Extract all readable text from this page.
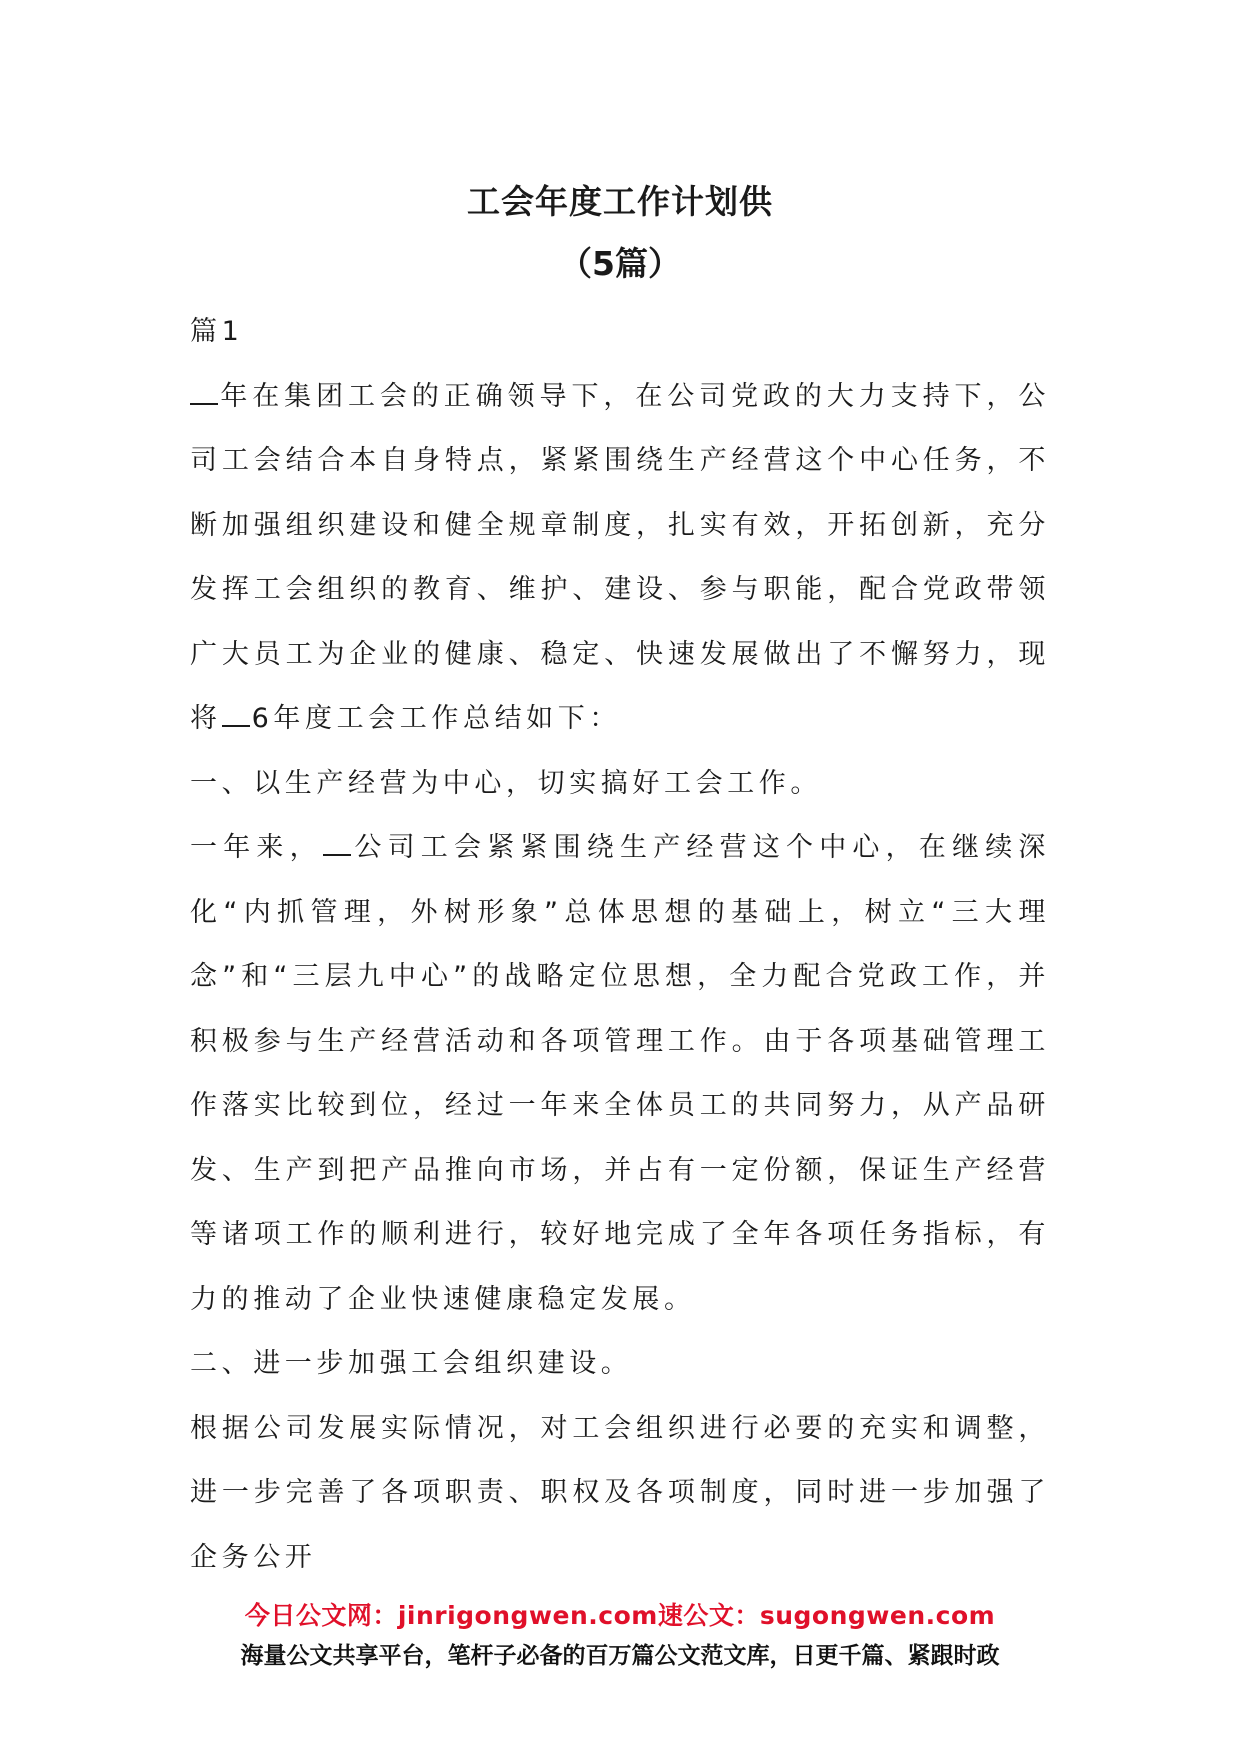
工会年度工作计划供
（5篇）

篇1

年在集团工会的正确领导下，在公司党政的大力支持下，公司工会结合本自身特点，紧紧围绕生产经营这个中心任务，不断加强组织建设和健全规章制度，扎实有效，开拓创新，充分发挥工会组织的教育、维护、建设、参与职能，配合党政带领广大员工为企业的健康、稳定、快速发展做出了不懈努力，现将 6年度工会工作总结如下：

一、以生产经营为中心，切实搞好工会工作。

一年来， 公司工会紧紧围绕生产经营这个中心，在继续深化“内抓管理，外树形象”总体思想的基础上，树立“三大理念”和“三层九中心”的战略定位思想，全力配合党政工作，并积极参与生产经营活动和各项管理工作。由于各项基础管理工作落实比较到位，经过一年来全体员工的共同努力，从产品研发、生产到把产品推向市场，并占有一定份额，保证生产经营等诸项工作的顺利进行，较好地完成了全年各项任务指标，有力的推动了企业快速健康稳定发展。

二、进一步加强工会组织建设。

根据公司发展实际情况，对工会组织进行必要的充实和调整，进一步完善了各项职责、职权及各项制度，同时进一步加强了企务公开

今日公文网：jinrigongwen.com速公文：sugongwen.com
海量公文共享平台，笔杆子必备的百万篇公文范文库，日更千篇、紧跟时政
